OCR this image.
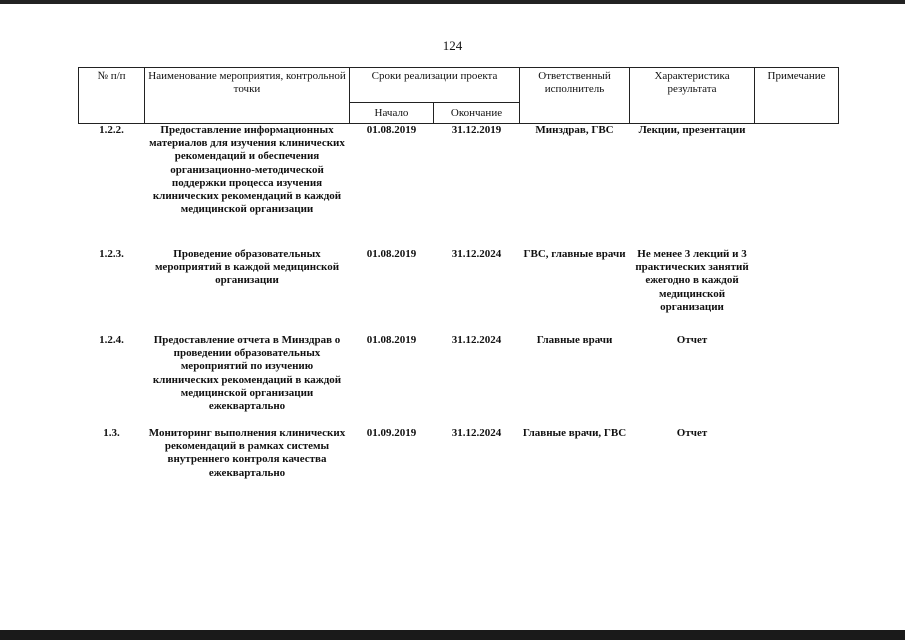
124
№ п/п	Наименование мероприятия, контрольной точки	Сроки реализации проекта		Ответственный исполнитель	Характеристика результата	Примечание
		Начало	Окончание			
1.2.2.	Предоставление информационных материалов для изучения клинических рекомендаций и обеспечения организационно-методической поддержки процесса изучения клинических рекомендаций в каждой медицинской организации	01.08.2019	31.12.2019	Минздрав, ГВС	Лекции, презентации	
1.2.3.	Проведение образовательных мероприятий в каждой медицинской организации	01.08.2019	31.12.2024	ГВС, главные врачи	Не менее 3 лекций и 3 практических занятий ежегодно в каждой медицинской организации	
1.2.4.	Предоставление отчета в Минздрав о проведении образовательных мероприятий по изучению клинических рекомендаций в каждой медицинской организации ежеквартально	01.08.2019	31.12.2024	Главные врачи	Отчет	
1.3.	Мониторинг выполнения клинических рекомендаций в рамках системы внутреннего контроля качества ежеквартально	01.09.2019	31.12.2024	Главные врачи, ГВС	Отчет	
